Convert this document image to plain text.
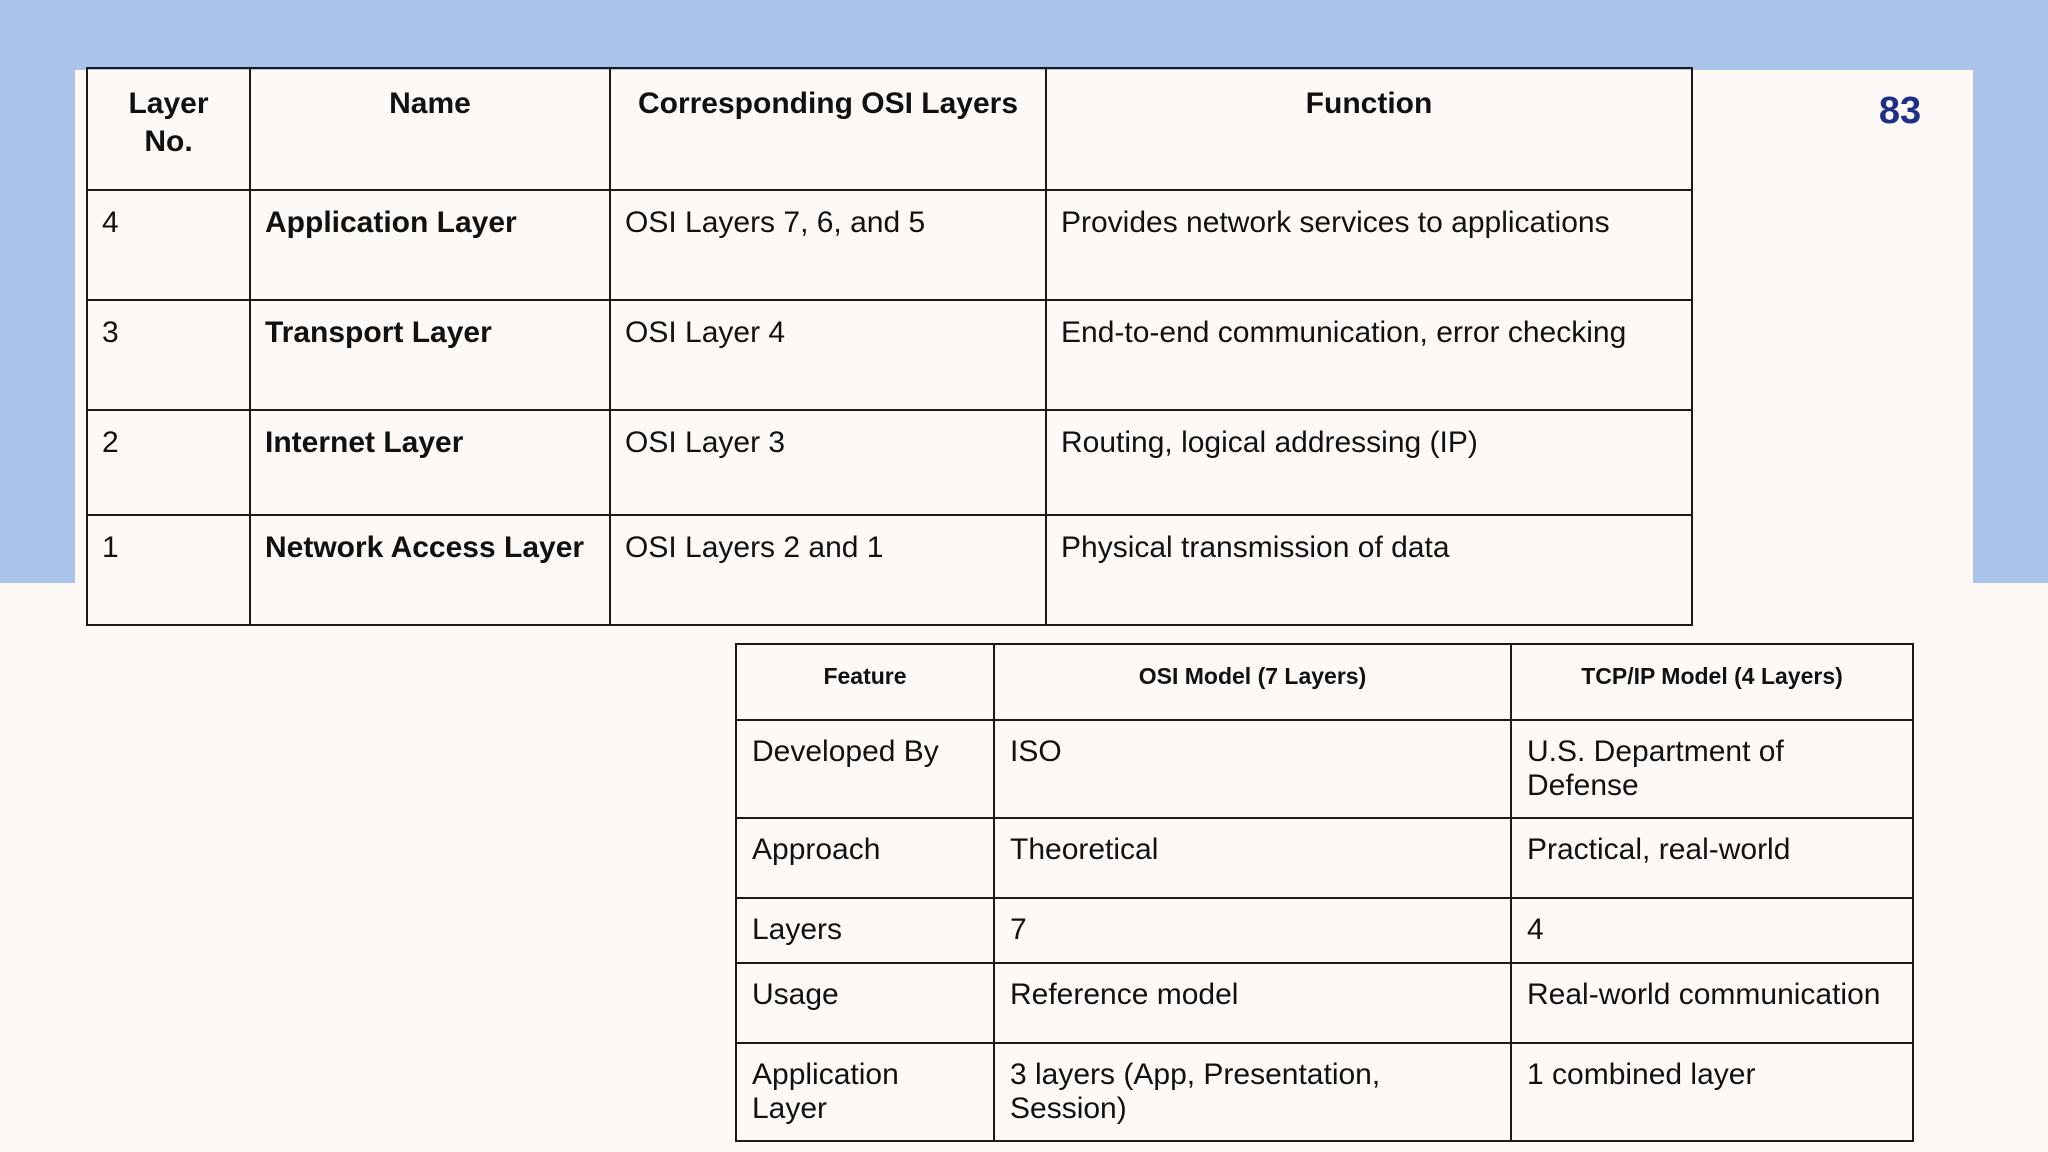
83
Layer No.	Name	Corresponding OSI Layers	Function
4	Application Layer	OSI Layers 7, 6, and 5	Provides network services to applications
3	Transport Layer	OSI Layer 4	End-to-end communication, error checking
2	Internet Layer	OSI Layer 3	Routing, logical addressing (IP)
1	Network Access Layer	OSI Layers 2 and 1	Physical transmission of data
Feature	OSI Model (7 Layers)	TCP/IP Model (4 Layers)
Developed By	ISO	U.S. Department of Defense
Approach	Theoretical	Practical, real-world
Layers	7	4
Usage	Reference model	Real-world communication
Application Layer	3 layers (App, Presentation, Session)	1 combined layer
